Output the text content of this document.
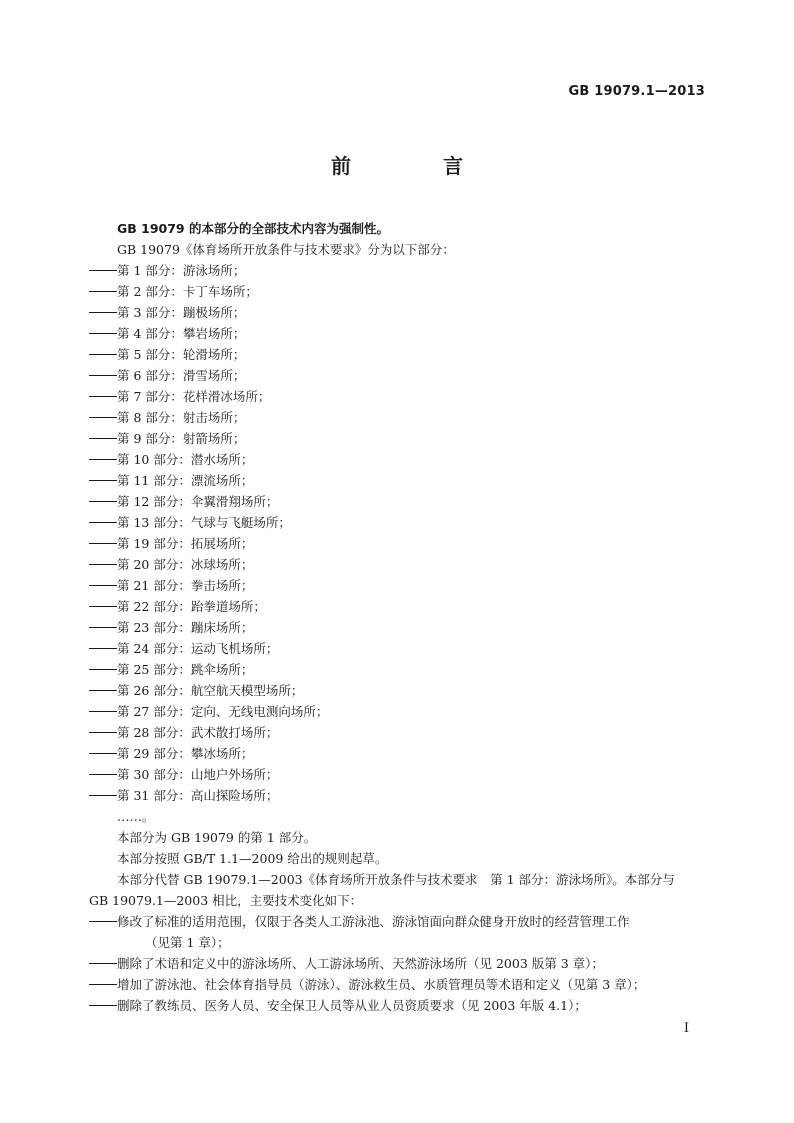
GB 19079.1—2013
前　言

GB 19079 的本部分的全部技术内容为强制性。

GB 19079《体育场所开放条件与技术要求》分为以下部分：

第 1 部分：游泳场所；

第 2 部分：卡丁车场所；

第 3 部分：蹦极场所；

第 4 部分：攀岩场所；

第 5 部分：轮滑场所；

第 6 部分：滑雪场所；

第 7 部分：花样滑冰场所；

第 8 部分：射击场所；

第 9 部分：射箭场所；

第 10 部分：潜水场所；

第 11 部分：漂流场所；

第 12 部分：伞翼滑翔场所；

第 13 部分：气球与飞艇场所；

第 19 部分：拓展场所；

第 20 部分：冰球场所；

第 21 部分：拳击场所；

第 22 部分：跆拳道场所；

第 23 部分：蹦床场所；

第 24 部分：运动飞机场所；

第 25 部分：跳伞场所；

第 26 部分：航空航天模型场所；

第 27 部分：定向、无线电测向场所；

第 28 部分：武术散打场所；

第 29 部分：攀冰场所；

第 30 部分：山地户外场所；

第 31 部分：高山探险场所；

……。

本部分为 GB 19079 的第 1 部分。

本部分按照 GB/T 1.1—2009 给出的规则起草。

本部分代替 GB 19079.1—2003《体育场所开放条件与技术要求　第 1 部分：游泳场所》。本部分与

GB 19079.1—2003 相比，主要技术变化如下：

修改了标准的适用范围，仅限于各类人工游泳池、游泳馆面向群众健身开放时的经营管理工作

（见第 1 章）；

删除了术语和定义中的游泳场所、人工游泳场所、天然游泳场所（见 2003 版第 3 章）；

增加了游泳池、社会体育指导员（游泳）、游泳救生员、水质管理员等术语和定义（见第 3 章）；

删除了教练员、医务人员、安全保卫人员等从业人员资质要求（见 2003 年版 4.1）；

I
